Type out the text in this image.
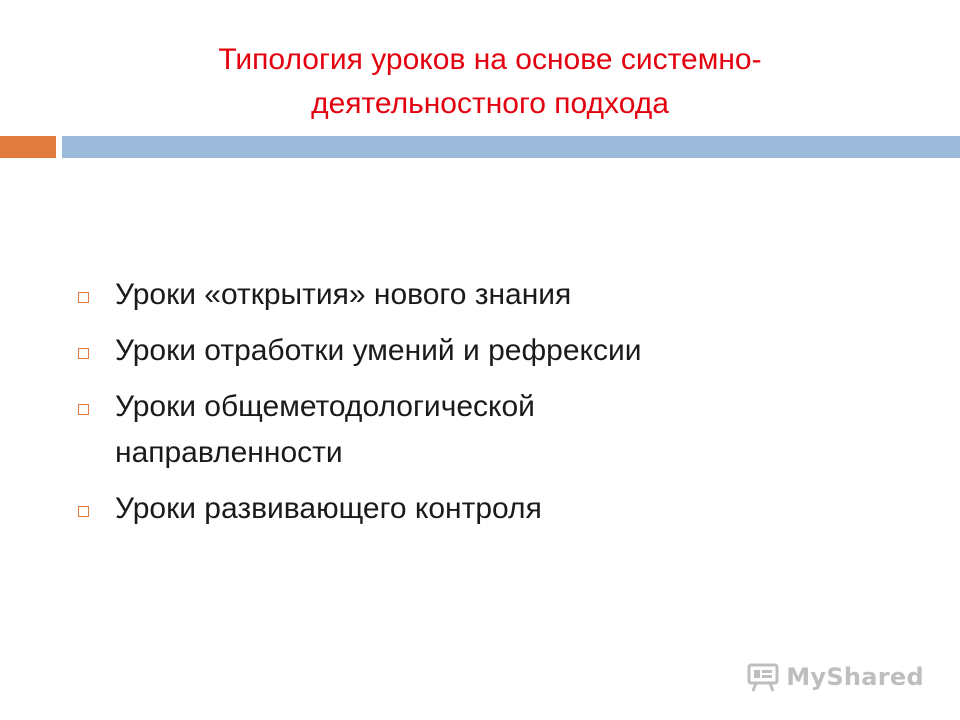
Типология уроков на основе системно-
деятельностного подхода
Уроки «открытия» нового знания
Уроки отработки умений и рефрексии
Уроки общеметодологической
направленности
Уроки развивающего контроля
MyShared
